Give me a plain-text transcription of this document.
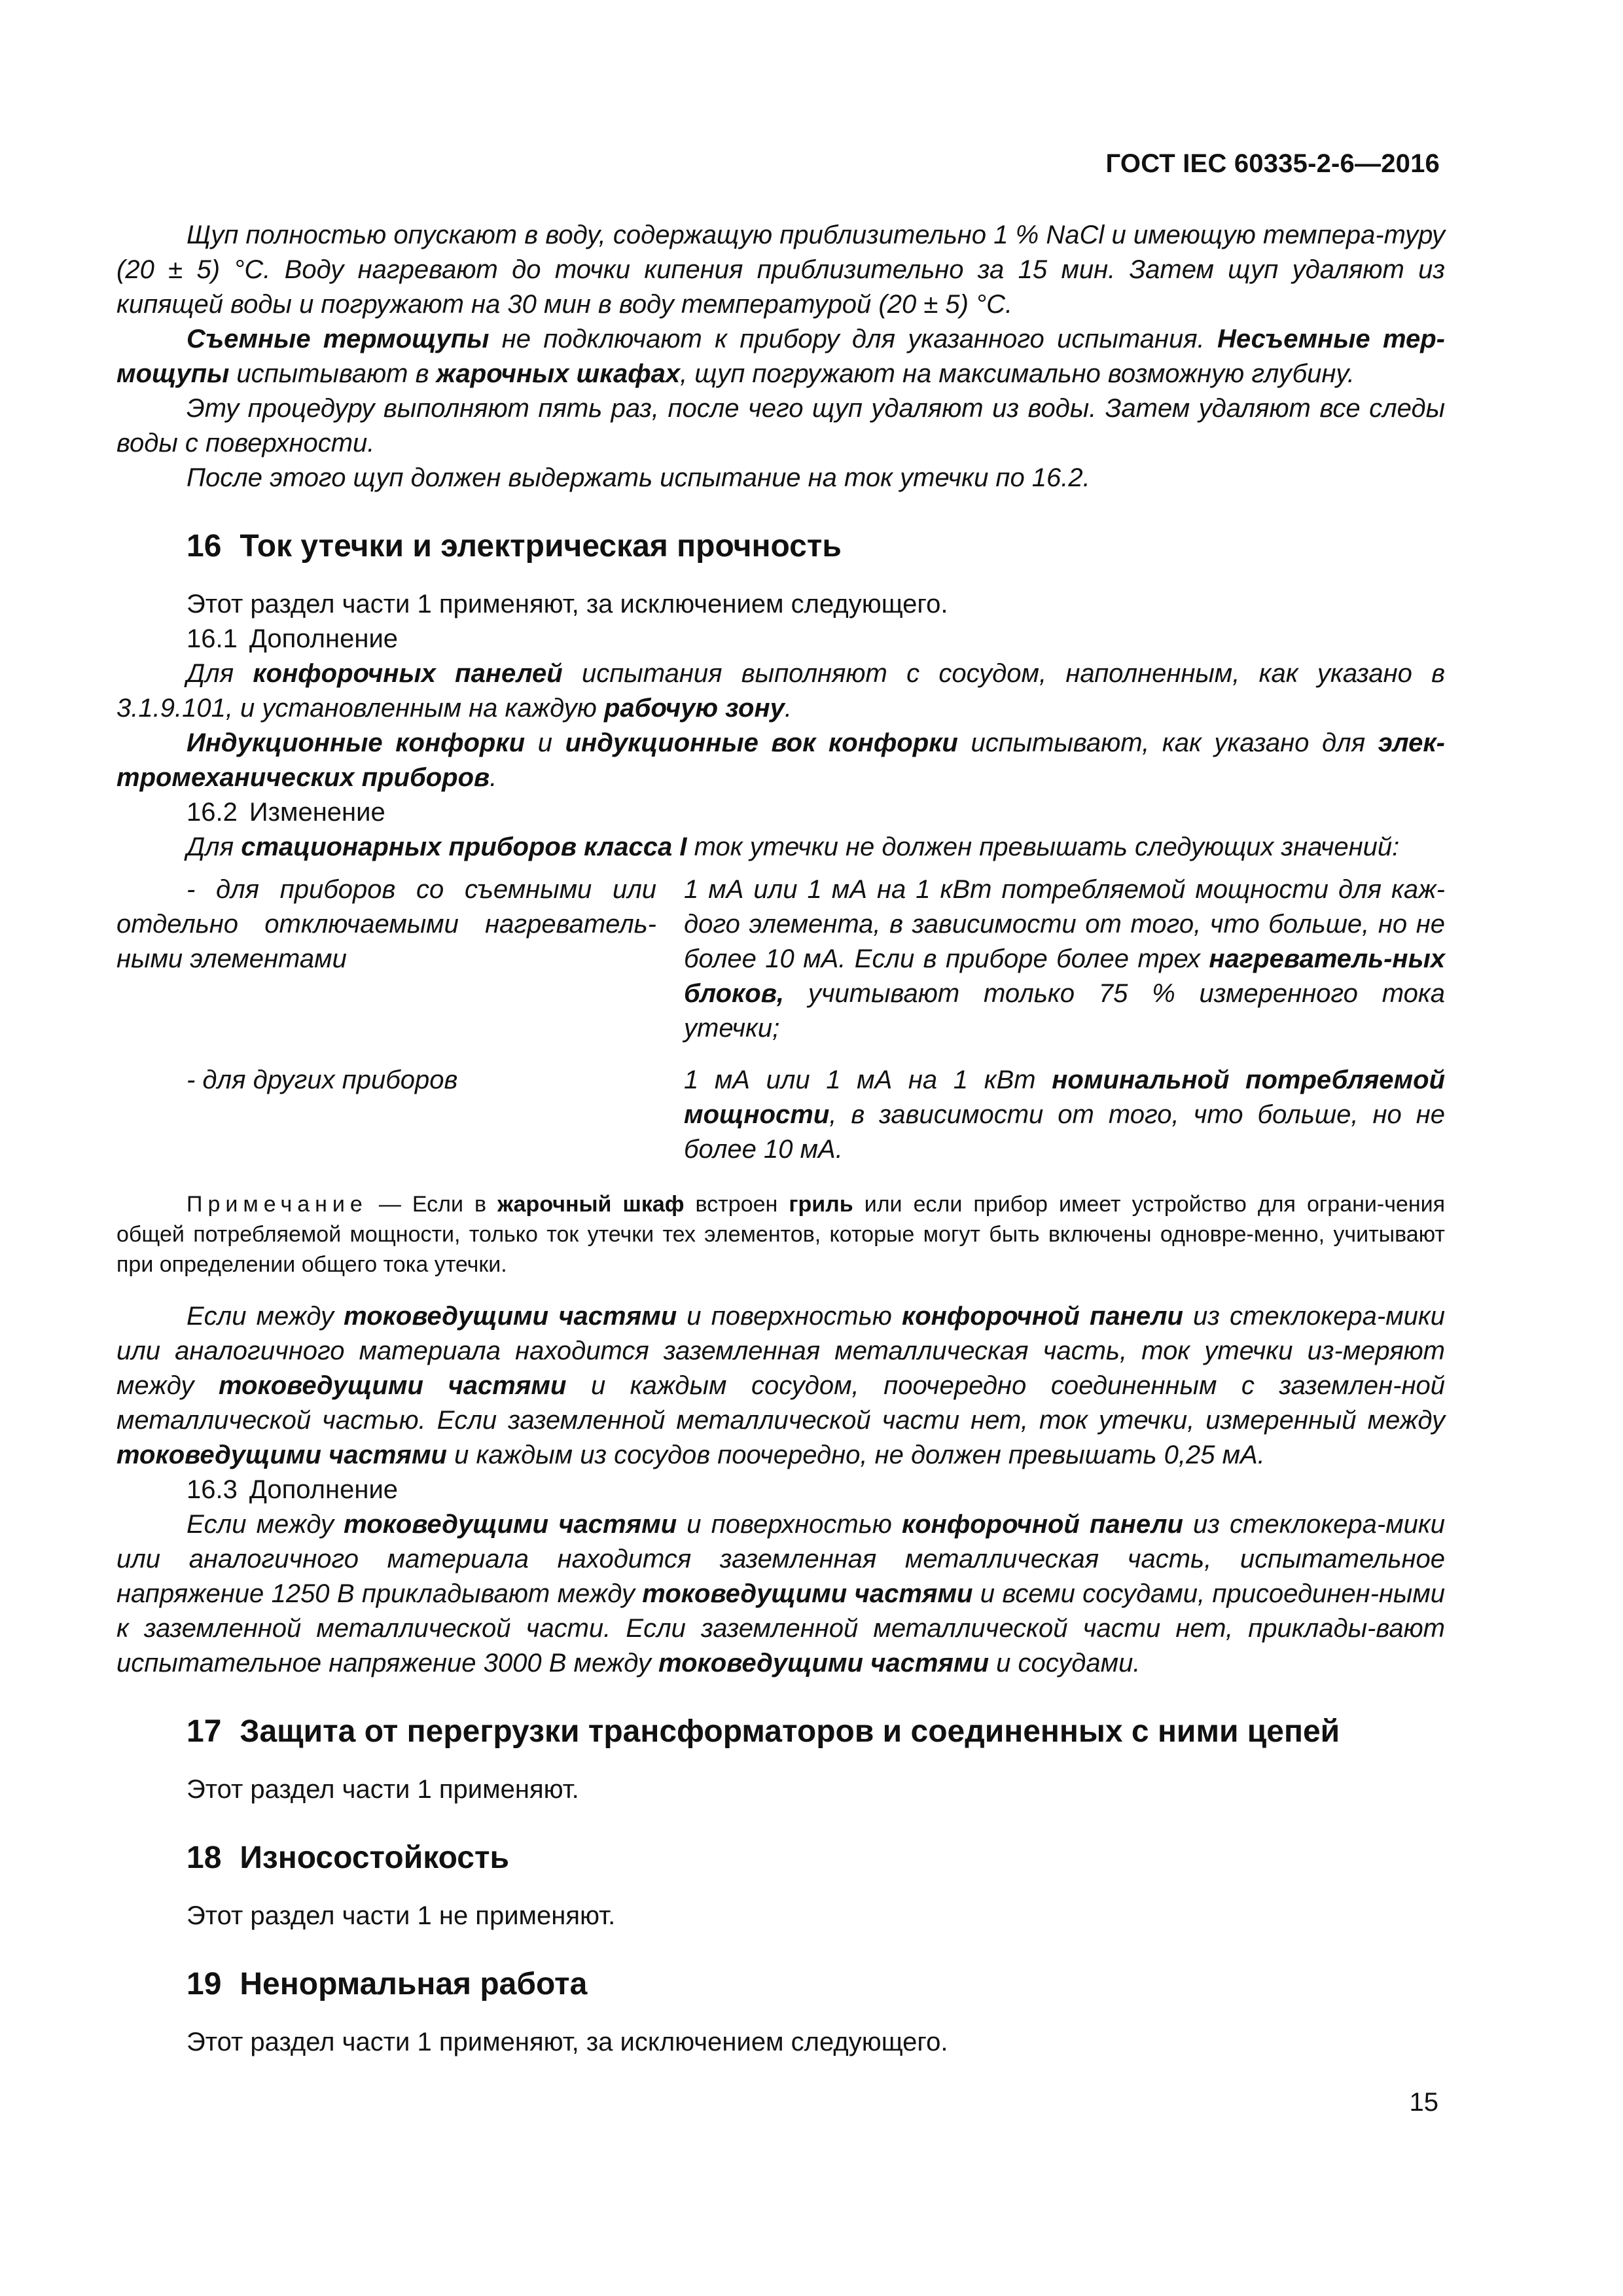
ГОСТ IEC 60335-2-6—2016

Щуп полностью опускают в воду, содержащую приблизительно 1 % NaCl и имеющую темпера-туру (20 ± 5) °С. Воду нагревают до точки кипения приблизительно за 15 мин. Затем щуп удаляют из кипящей воды и погружают на 30 мин в воду температурой (20 ± 5) °С.

Съемные термощупы не подключают к прибору для указанного испытания. Несъемные тер-мощупы испытывают в жарочных шкафах, щуп погружают на максимально возможную глубину.

Эту процедуру выполняют пять раз, после чего щуп удаляют из воды. Затем удаляют все следы воды с поверхности.

После этого щуп должен выдержать испытание на ток утечки по 16.2.

16 Ток утечки и электрическая прочность

Этот раздел части 1 применяют, за исключением следующего.

16.1 Дополнение

Для конфорочных панелей испытания выполняют с сосудом, наполненным, как указано в 3.1.9.101, и установленным на каждую рабочую зону.

Индукционные конфорки и индукционные вок конфорки испытывают, как указано для элек-тромеханических приборов.

16.2 Изменение

Для стационарных приборов класса I ток утечки не должен превышать следующих значений:

- для приборов со съемными или отдельно отключаемыми нагреватель-ными элементами
1 мА или 1 мА на 1 кВт потребляемой мощности для каж-дого элемента, в зависимости от того, что больше, но не более 10 мА. Если в приборе более трех нагреватель-ных блоков, учитывают только 75 % измеренного тока утечки;
- для других приборов	1 мА или 1 мА на 1 кВт номинальной потребляемой мощности, в зависимости от того, что больше, но не более 10 мА.

Примечание — Если в жарочный шкаф встроен гриль или если прибор имеет устройство для ограни-чения общей потребляемой мощности, только ток утечки тех элементов, которые могут быть включены одновре-менно, учитывают при определении общего тока утечки.

Если между токоведущими частями и поверхностью конфорочной панели из стеклокера-мики или аналогичного материала находится заземленная металлическая часть, ток утечки из-меряют между токоведущими частями и каждым сосудом, поочередно соединенным с заземлен-ной металлической частью. Если заземленной металлической части нет, ток утечки, измеренный между токоведущими частями и каждым из сосудов поочередно, не должен превышать 0,25 мА.

16.3 Дополнение

Если между токоведущими частями и поверхностью конфорочной панели из стеклокера-мики или аналогичного материала находится заземленная металлическая часть, испытательное напряжение 1250 В прикладывают между токоведущими частями и всеми сосудами, присоединен-ными к заземленной металлической части. Если заземленной металлической части нет, приклады-вают испытательное напряжение 3000 В между токоведущими частями и сосудами.

17 Защита от перегрузки трансформаторов и соединенных с ними цепей

Этот раздел части 1 применяют.

18 Износостойкость

Этот раздел части 1 не применяют.

19 Ненормальная работа

Этот раздел части 1 применяют, за исключением следующего.

15
